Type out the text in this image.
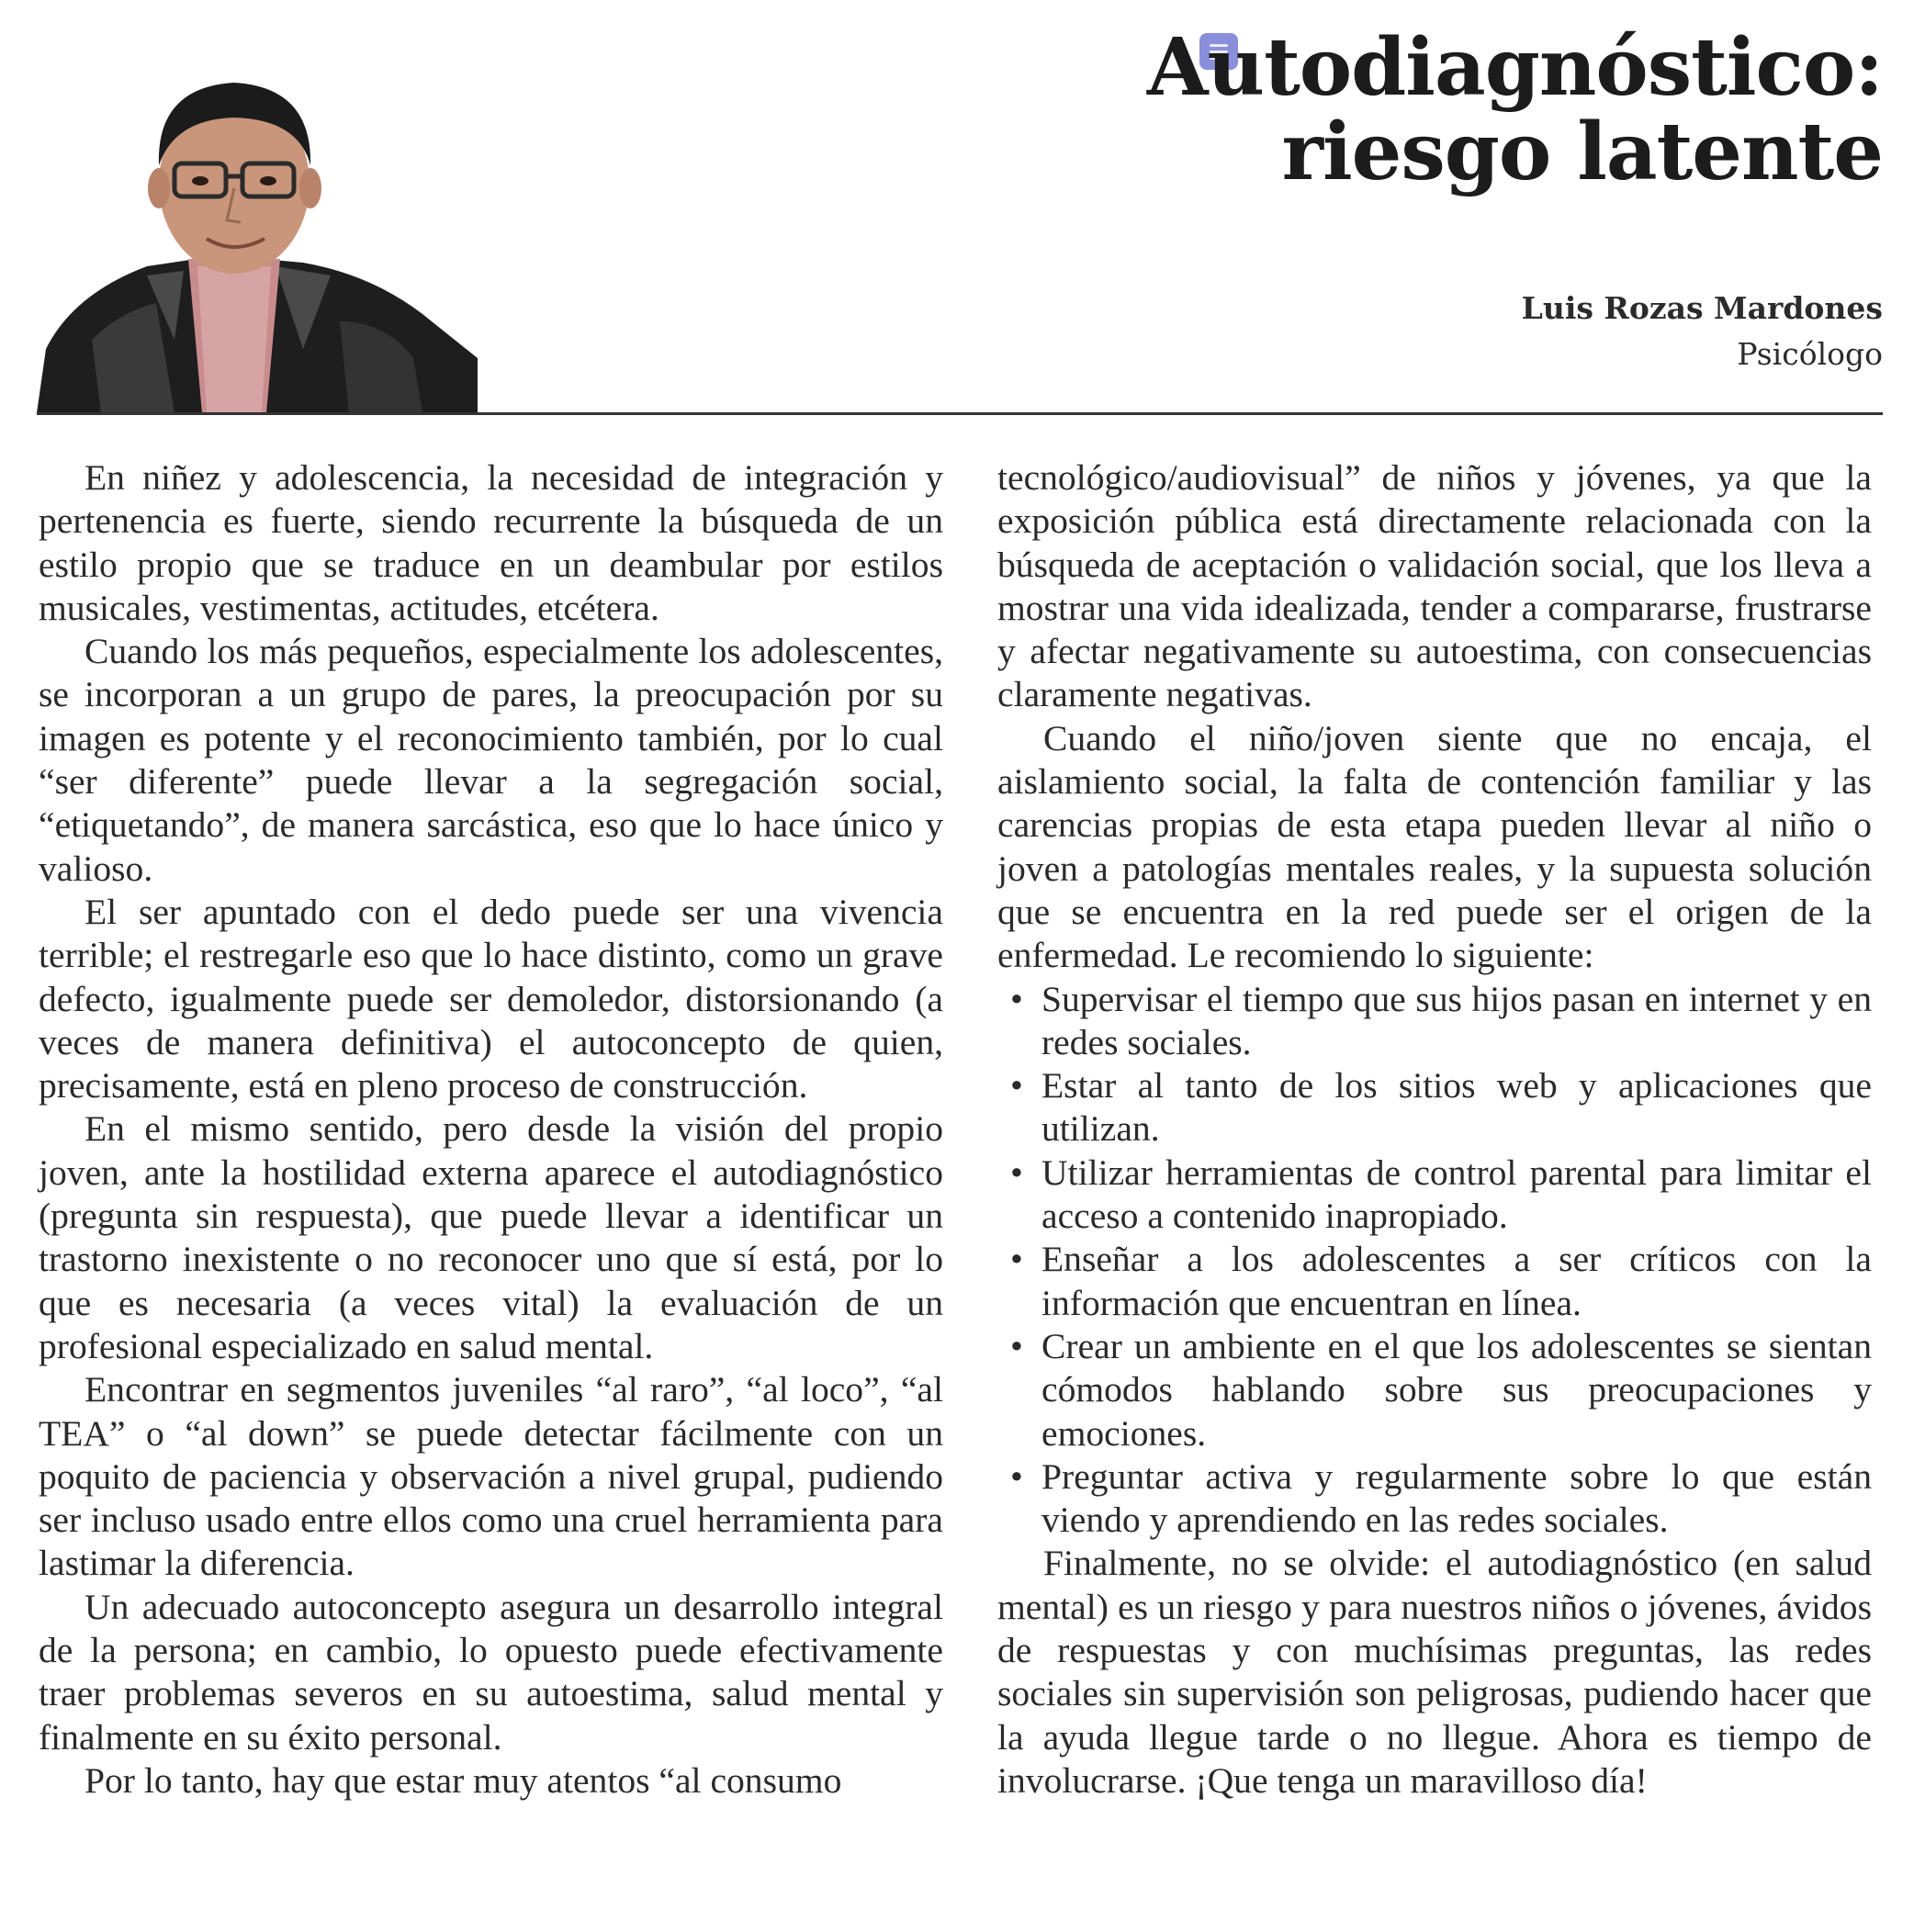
Autodiagnóstico:
riesgo latente
Luis Rozas Mardones
Psicólogo

En niñez y adolescencia, la necesidad de integración y pertenencia es fuerte, siendo recurrente la búsqueda de un estilo propio que se traduce en un deambular por estilos musicales, vestimentas, actitudes, etcétera.

Cuando los más pequeños, especialmente los adolescentes, se incorporan a un grupo de pares, la preocupación por su imagen es potente y el reconocimiento también, por lo cual “ser diferente” puede llevar a la segregación social, “etiquetando”, de manera sarcástica, eso que lo hace único y valioso.

El ser apuntado con el dedo puede ser una vivencia terrible; el restregarle eso que lo hace distinto, como un grave defecto, igualmente puede ser demoledor, distorsionando (a veces de manera definitiva) el autoconcepto de quien, precisamente, está en pleno proceso de construcción.

En el mismo sentido, pero desde la visión del propio joven, ante la hostilidad externa aparece el autodiagnóstico (pregunta sin respuesta), que puede llevar a identificar un trastorno inexistente o no reconocer uno que sí está, por lo que es necesaria (a veces vital) la evaluación de un profesional especializado en salud mental.

Encontrar en segmentos juveniles “al raro”, “al loco”, “al TEA” o “al down” se puede detectar fácilmente con un poquito de paciencia y observación a nivel grupal, pudiendo ser incluso usado entre ellos como una cruel herramienta para lastimar la diferencia.

Un adecuado autoconcepto asegura un desarrollo integral de la persona; en cambio, lo opuesto puede efectivamente traer problemas severos en su autoestima, salud mental y finalmente en su éxito personal.

Por lo tanto, hay que estar muy atentos “al consumo

tecnológico/audiovisual” de niños y jóvenes, ya que la exposición pública está directamente relacionada con la búsqueda de aceptación o validación social, que los lleva a mostrar una vida idealizada, tender a compararse, frustrarse y afectar negativamente su autoestima, con consecuencias claramente negativas.

Cuando el niño/joven siente que no encaja, el aislamiento social, la falta de contención familiar y las carencias propias de esta etapa pueden llevar al niño o joven a patologías mentales reales, y la supuesta solución que se encuentra en la red puede ser el origen de la enfermedad. Le recomiendo lo siguiente:

• Supervisar el tiempo que sus hijos pasan en internet y en redes sociales.
• Estar al tanto de los sitios web y aplicaciones que utilizan.
• Utilizar herramientas de control parental para limitar el acceso a contenido inapropiado.
• Enseñar a los adolescentes a ser críticos con la información que encuentran en línea.
• Crear un ambiente en el que los adolescentes se sientan cómodos hablando sobre sus preocupaciones y emociones.
• Preguntar activa y regularmente sobre lo que están viendo y aprendiendo en las redes sociales.

Finalmente, no se olvide: el autodiagnóstico (en salud mental) es un riesgo y para nuestros niños o jóvenes, ávidos de respuestas y con muchísimas preguntas, las redes sociales sin supervisión son peligrosas, pudiendo hacer que la ayuda llegue tarde o no llegue. Ahora es tiempo de involucrarse. ¡Que tenga un maravilloso día!
